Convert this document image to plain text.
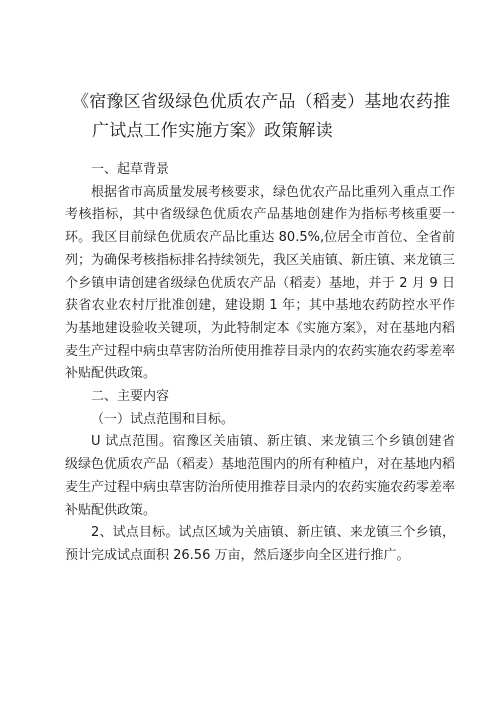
《宿豫区省级绿色优质农产品（稻麦）基地农药推
广试点工作实施方案》政策解读

一、起草背景

根据省市高质量发展考核要求，绿色优农产品比重列入重点工作考核指标，其中省级绿色优质农产品基地创建作为指标考核重要一环。我区目前绿色优质农产品比重达 80.5%,位居全市首位、全省前列；为确保考核指标排名持续领先，我区关庙镇、新庄镇、来龙镇三个乡镇申请创建省级绿色优质农产品（稻麦）基地，并于 2 月 9 日获省农业农村厅批准创建，建设期 1 年；其中基地农药防控水平作为基地建设验收关键项，为此特制定本《实施方案》，对在基地内稻麦生产过程中病虫草害防治所使用推荐目录内的农药实施农药零差率补贴配供政策。

二、主要内容

（一）试点范围和目标。

U 试点范围。宿豫区关庙镇、新庄镇、来龙镇三个乡镇创建省级绿色优质农产品（稻麦）基地范围内的所有种植户，对在基地内稻麦生产过程中病虫草害防治所使用推荐目录内的农药实施农药零差率补贴配供政策。

2、试点目标。试点区域为关庙镇、新庄镇、来龙镇三个乡镇，预计完成试点面积 26.56 万亩，然后逐步向全区进行推广。
